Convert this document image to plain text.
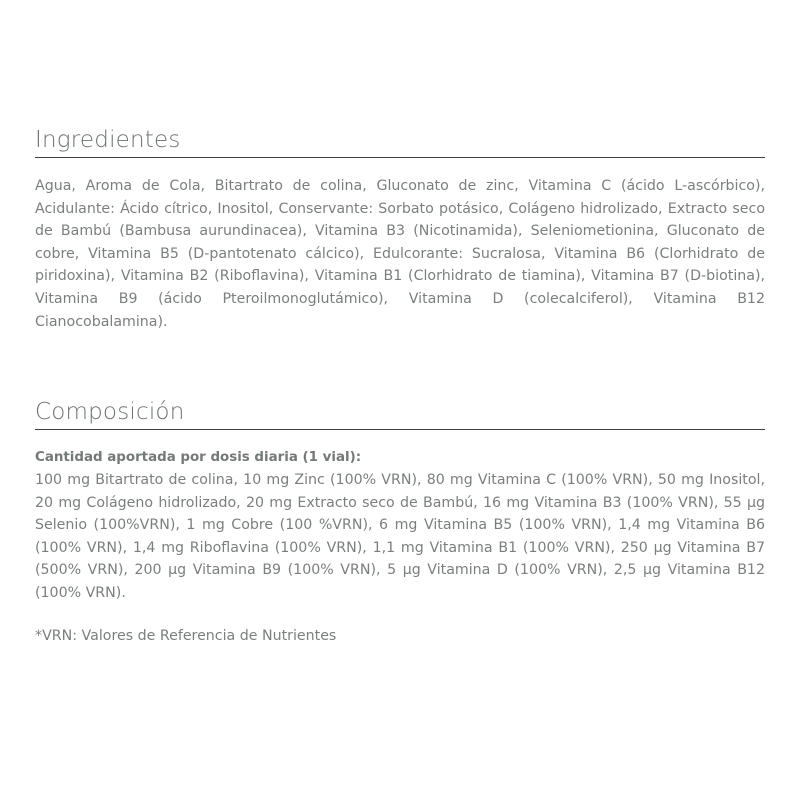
Ingredientes

Agua, Aroma de Cola, Bitartrato de colina, Gluconato de zinc, Vitamina C (ácido L-ascórbico), Acidulante: Ácido cítrico, Inositol, Conservante: Sorbato potásico, Colágeno hidrolizado, Extracto seco de Bambú (Bambusa aurundinacea), Vitamina B3 (Nicotinamida), Seleniometionina, Gluconato de cobre, Vitamina B5 (D-pantotenato cálcico), Edulcorante: Sucralosa, Vitamina B6 (Clorhidrato de piridoxina), Vitamina B2 (Riboflavina), Vitamina B1 (Clorhidrato de tiamina), Vitamina B7 (D-biotina), Vitamina B9 (ácido Pteroilmonoglutámico), Vitamina D (colecalciferol), Vitamina B12 Cianocobalamina).

Composición
Cantidad aportada por dosis diaria (1 vial):

100 mg Bitartrato de colina, 10 mg Zinc (100% VRN), 80 mg Vitamina C (100% VRN), 50 mg Inositol, 20 mg Colágeno hidrolizado, 20 mg Extracto seco de Bambú, 16 mg Vitamina B3 (100% VRN), 55 µg Selenio (100%VRN), 1 mg Cobre (100 %VRN), 6 mg Vitamina B5 (100% VRN), 1,4 mg Vitamina B6 (100% VRN), 1,4 mg Riboflavina (100% VRN), 1,1 mg Vitamina B1 (100% VRN), 250 µg Vitamina B7 (500% VRN), 200 µg Vitamina B9 (100% VRN), 5 µg Vitamina D (100% VRN), 2,5 µg Vitamina B12 (100% VRN).

*VRN: Valores de Referencia de Nutrientes
